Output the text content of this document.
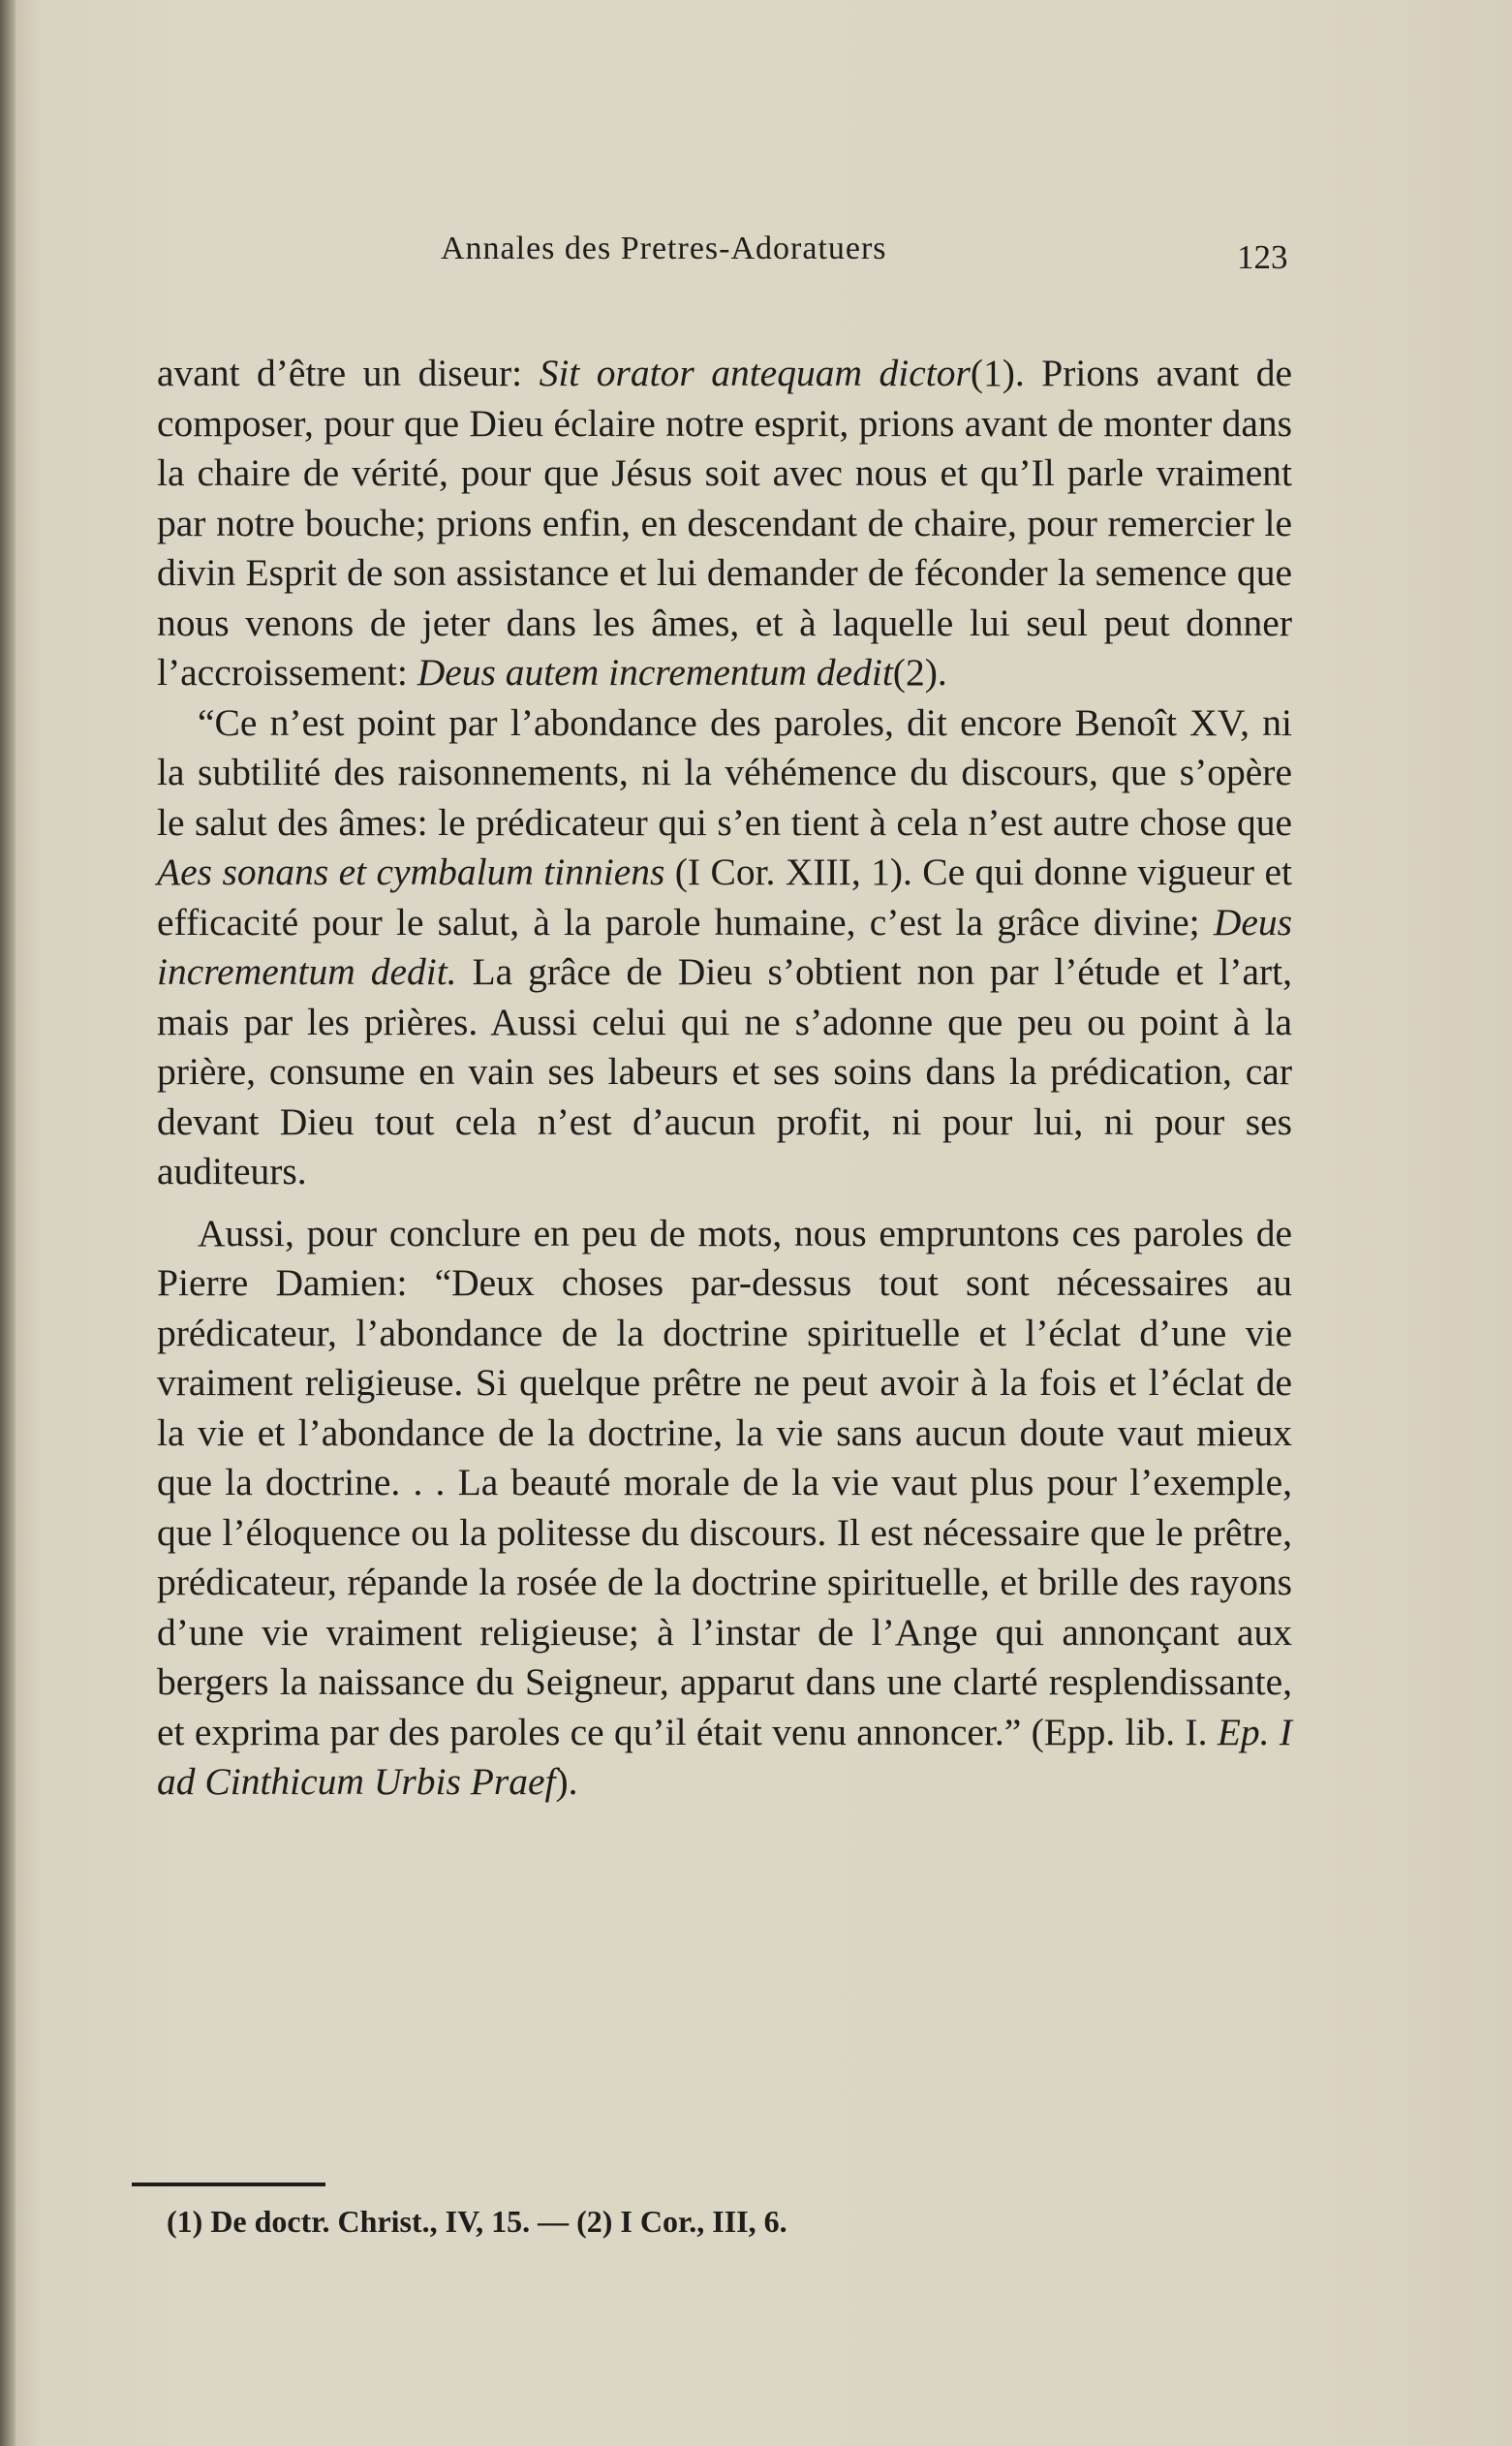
Annales des Pretres-Adoratuers	123

avant d’être un diseur: Sit orator antequam dictor(1). Prions avant de composer, pour que Dieu éclaire notre esprit, prions avant de monter dans la chaire de vérité, pour que Jésus soit avec nous et qu’Il parle vraiment par notre bouche; prions enfin, en descendant de chaire, pour remercier le divin Esprit de son assistance et lui demander de féconder la semence que nous venons de jeter dans les âmes, et à laquelle lui seul peut donner l’accroissement: Deus autem incrementum dedit(2).

“Ce n’est point par l’abondance des paroles, dit encore Benoît XV, ni la subtilité des raisonnements, ni la véhémence du discours, que s’opère le salut des âmes: le prédicateur qui s’en tient à cela n’est autre chose que Aes sonans et cymbalum tinniens (I Cor. XIII, 1). Ce qui donne vigueur et efficacité pour le salut, à la parole humaine, c’est la grâce divine; Deus incrementum dedit. La grâce de Dieu s’obtient non par l’étude et l’art, mais par les prières. Aussi celui qui ne s’adonne que peu ou point à la prière, consume en vain ses labeurs et ses soins dans la prédication, car devant Dieu tout cela n’est d’aucun profit, ni pour lui, ni pour ses auditeurs.

Aussi, pour conclure en peu de mots, nous empruntons ces paroles de Pierre Damien: “Deux choses par-dessus tout sont nécessaires au prédicateur, l’abondance de la doctrine spirituelle et l’éclat d’une vie vraiment religieuse. Si quelque prêtre ne peut avoir à la fois et l’éclat de la vie et l’abondance de la doctrine, la vie sans aucun doute vaut mieux que la doctrine. . . La beauté morale de la vie vaut plus pour l’exemple, que l’éloquence ou la politesse du discours. Il est nécessaire que le prêtre, prédicateur, répande la rosée de la doctrine spirituelle, et brille des rayons d’une vie vraiment religieuse; à l’instar de l’Ange qui annonçant aux bergers la naissance du Seigneur, apparut dans une clarté resplendissante, et exprima par des paroles ce qu’il était venu annoncer.” (Epp. lib. I. Ep. I ad Cinthicum Urbis Praef).

(1) De doctr. Christ., IV, 15. — (2) I Cor., III, 6.
